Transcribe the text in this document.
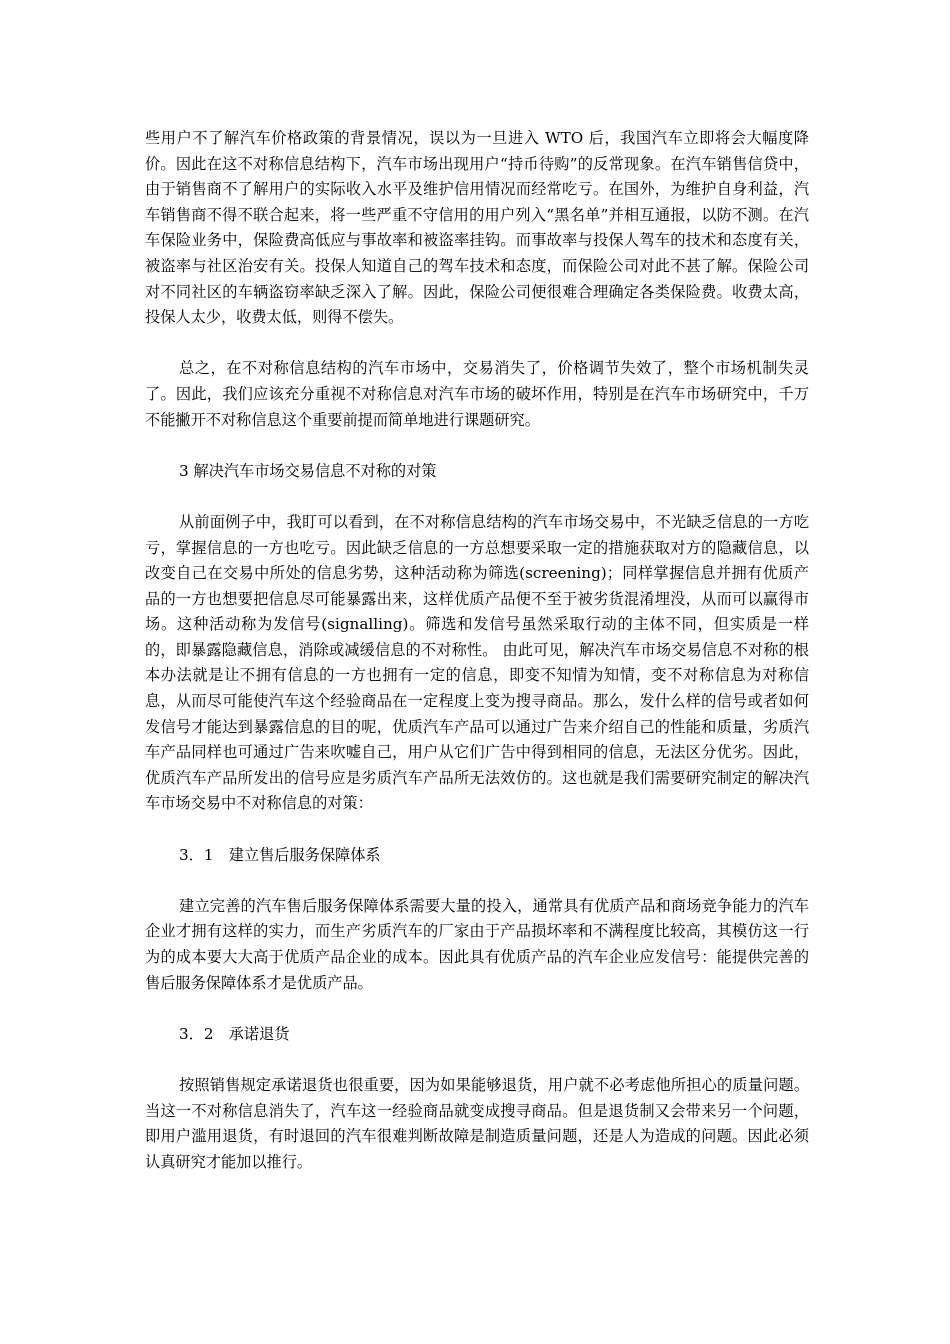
些用户不了解汽车价格政策的背景情况，误以为一旦进入 WTO 后，我国汽车立即将会大幅度降价。因此在这不对称信息结构下，汽车市场出现用户“持币待购”的反常现象。在汽车销售信贷中，由于销售商不了解用户的实际收入水平及维护信用情况而经常吃亏。在国外，为维护自身利益，汽车销售商不得不联合起来，将一些严重不守信用的用户列入“黑名单”并相互通报，以防不测。在汽车保险业务中，保险费高低应与事故率和被盗率挂钩。而事故率与投保人驾车的技术和态度有关，被盗率与社区治安有关。投保人知道自己的驾车技术和态度，而保险公司对此不甚了解。保险公司对不同社区的车辆盗窃率缺乏深入了解。因此，保险公司便很难合理确定各类保险费。收费太高，投保人太少，收费太低，则得不偿失。

总之，在不对称信息结构的汽车市场中，交易消失了，价格调节失效了，整个市场机制失灵了。因此，我们应该充分重视不对称信息对汽车市场的破坏作用，特别是在汽车市场研究中，千万不能撇开不对称信息这个重要前提而简单地进行课题研究。

3 解决汽车市场交易信息不对称的对策

从前面例子中，我盯可以看到，在不对称信息结构的汽车市场交易中，不光缺乏信息的一方吃亏，掌握信息的一方也吃亏。因此缺乏信息的一方总想要采取一定的措施获取对方的隐藏信息，以改变自己在交易中所处的信息劣势，这种活动称为筛选(screening)；同样掌握信息并拥有优质产品的一方也想要把信息尽可能暴露出来，这样优质产品便不至于被劣货混淆埋没，从而可以赢得市场。这种活动称为发信号(signalling)。筛选和发信号虽然采取行动的主体不同，但实质是一样的，即暴露隐藏信息，消除或减缓信息的不对称性。 由此可见，解决汽车市场交易信息不对称的根本办法就是让不拥有信息的一方也拥有一定的信息，即变不知情为知情，变不对称信息为对称信息，从而尽可能使汽车这个经验商品在一定程度上变为搜寻商品。那么，发什么样的信号或者如何发信号才能达到暴露信息的目的呢，优质汽车产品可以通过广告来介绍自己的性能和质量，劣质汽车产品同样也可通过广告来吹嘘自己，用户从它们广告中得到相同的信息，无法区分优劣。因此，优质汽车产品所发出的信号应是劣质汽车产品所无法效仿的。这也就是我们需要研究制定的解决汽车市场交易中不对称信息的对策：

3．1　建立售后服务保障体系

建立完善的汽车售后服务保障体系需要大量的投入，通常具有优质产品和商场竞争能力的汽车企业才拥有这样的实力，而生产劣质汽车的厂家由于产品损坏率和不满程度比较高，其模仿这一行为的成本要大大高于优质产品企业的成本。因此具有优质产品的汽车企业应发信号：能提供完善的售后服务保障体系才是优质产品。

3．2　承诺退货

按照销售规定承诺退货也很重要，因为如果能够退货，用户就不必考虑他所担心的质量问题。当这一不对称信息消失了，汽车这一经验商品就变成搜寻商品。但是退货制又会带来另一个问题，即用户滥用退货，有时退回的汽车很难判断故障是制造质量问题，还是人为造成的问题。因此必须认真研究才能加以推行。
